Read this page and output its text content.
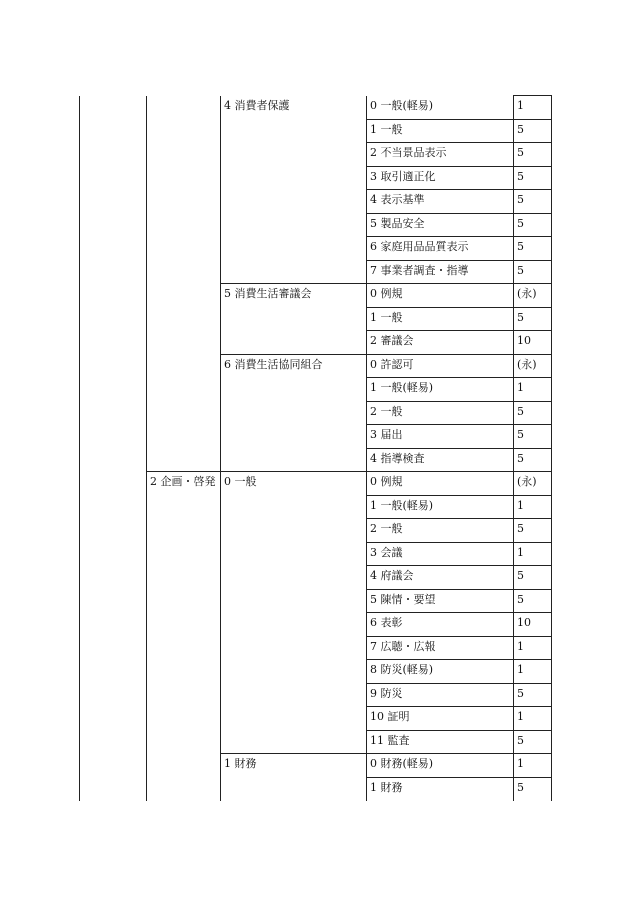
		4 消費者保護	0 一般(軽易)	1
			1 一般	5
			2 不当景品表示	5
			3 取引適正化	5
			4 表示基準	5
			5 製品安全	5
			6 家庭用品品質表示	5
			7 事業者調査・指導	5
		5 消費生活審議会	0 例規	(永)
			1 一般	5
			2 審議会	10
		6 消費生活協同組合	0 許認可	(永)
			1 一般(軽易)	1
			2 一般	5
			3 届出	5
			4 指導検査	5
	2 企画・啓発	0 一般	0 例規	(永)
			1 一般(軽易)	1
			2 一般	5
			3 会議	1
			4 府議会	5
			5 陳情・要望	5
			6 表彰	10
			7 広聴・広報	1
			8 防災(軽易)	1
			9 防災	5
			10 証明	1
			11 監査	5
		1 財務	0 財務(軽易)	1
			1 財務	5
